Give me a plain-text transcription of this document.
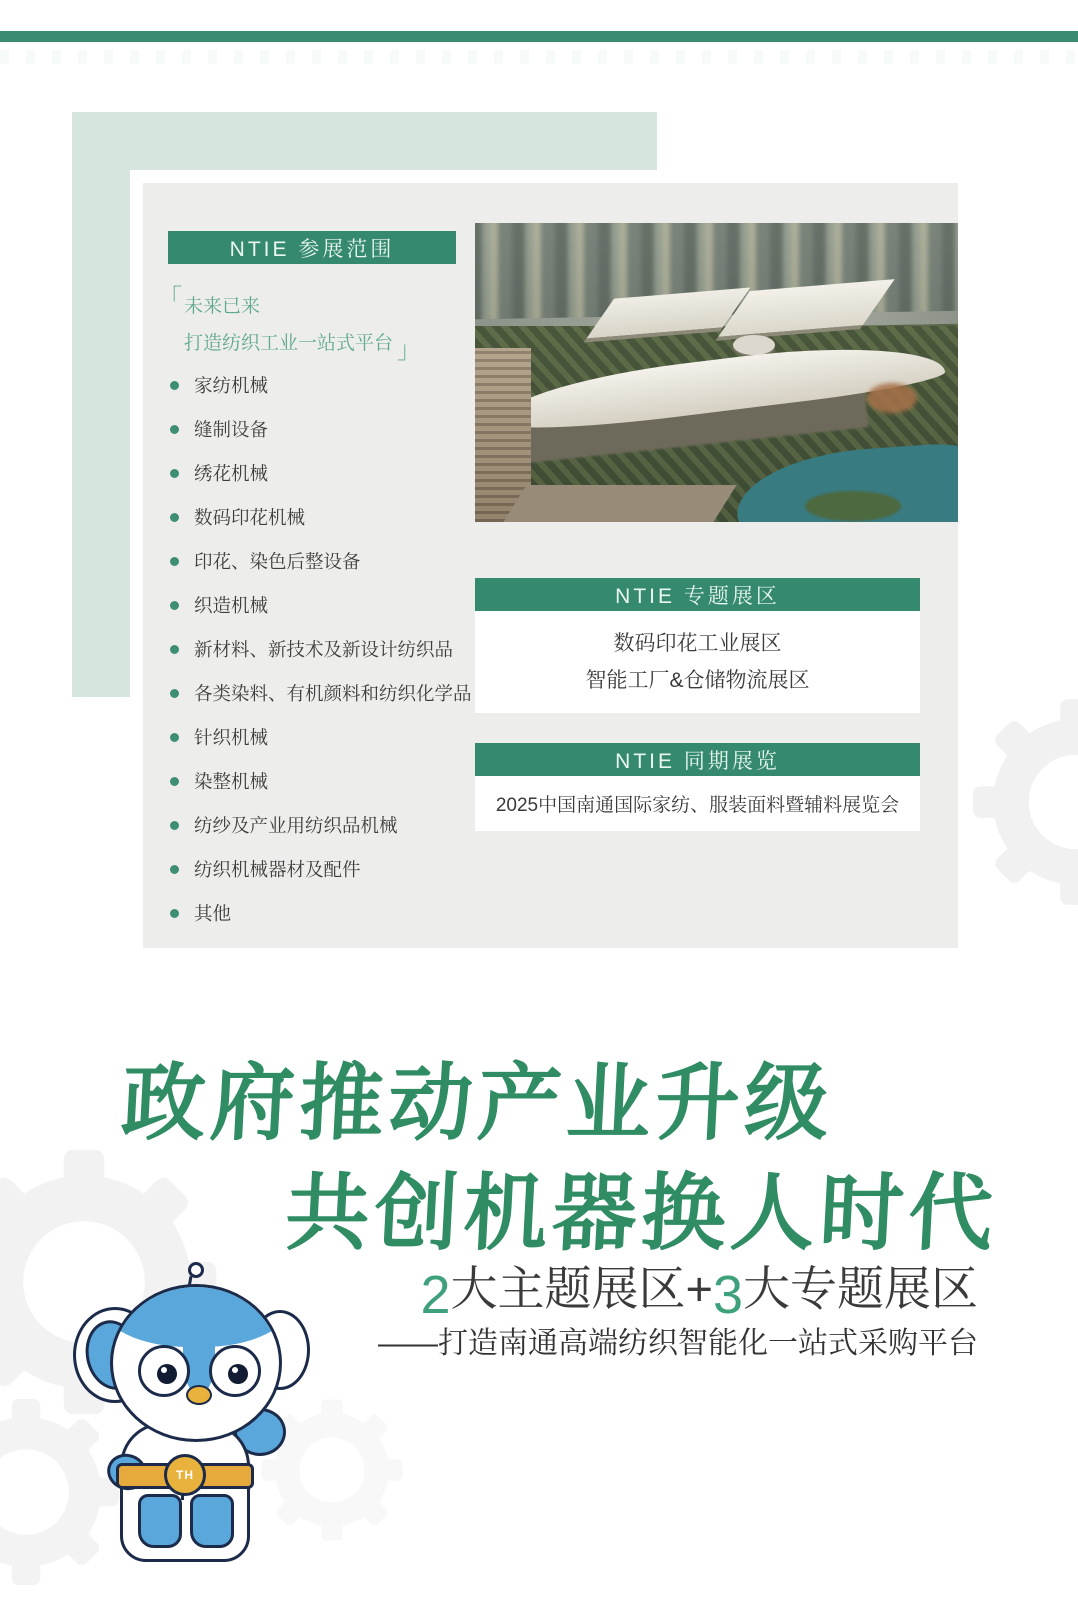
NTIE 参展范围
「 未来已来
打造纺织工业一站式平台 」
家纺机械
缝制设备
绣花机械
数码印花机械
印花、染色后整设备
织造机械
新材料、新技术及新设计纺织品
各类染料、有机颜料和纺织化学品
针织机械
染整机械
纺纱及产业用纺织品机械
纺织机械器材及配件
其他
NTIE 专题展区
数码印花工业展区
智能工厂&仓储物流展区
NTIE 同期展览
2025中国南通国际家纺、服装面料暨辅料展览会
政府推动产业升级
共创机器换人时代
2 大主题展区+ 3 大专题展区
——打造南通高端纺织智能化一站式采购平台
TH
